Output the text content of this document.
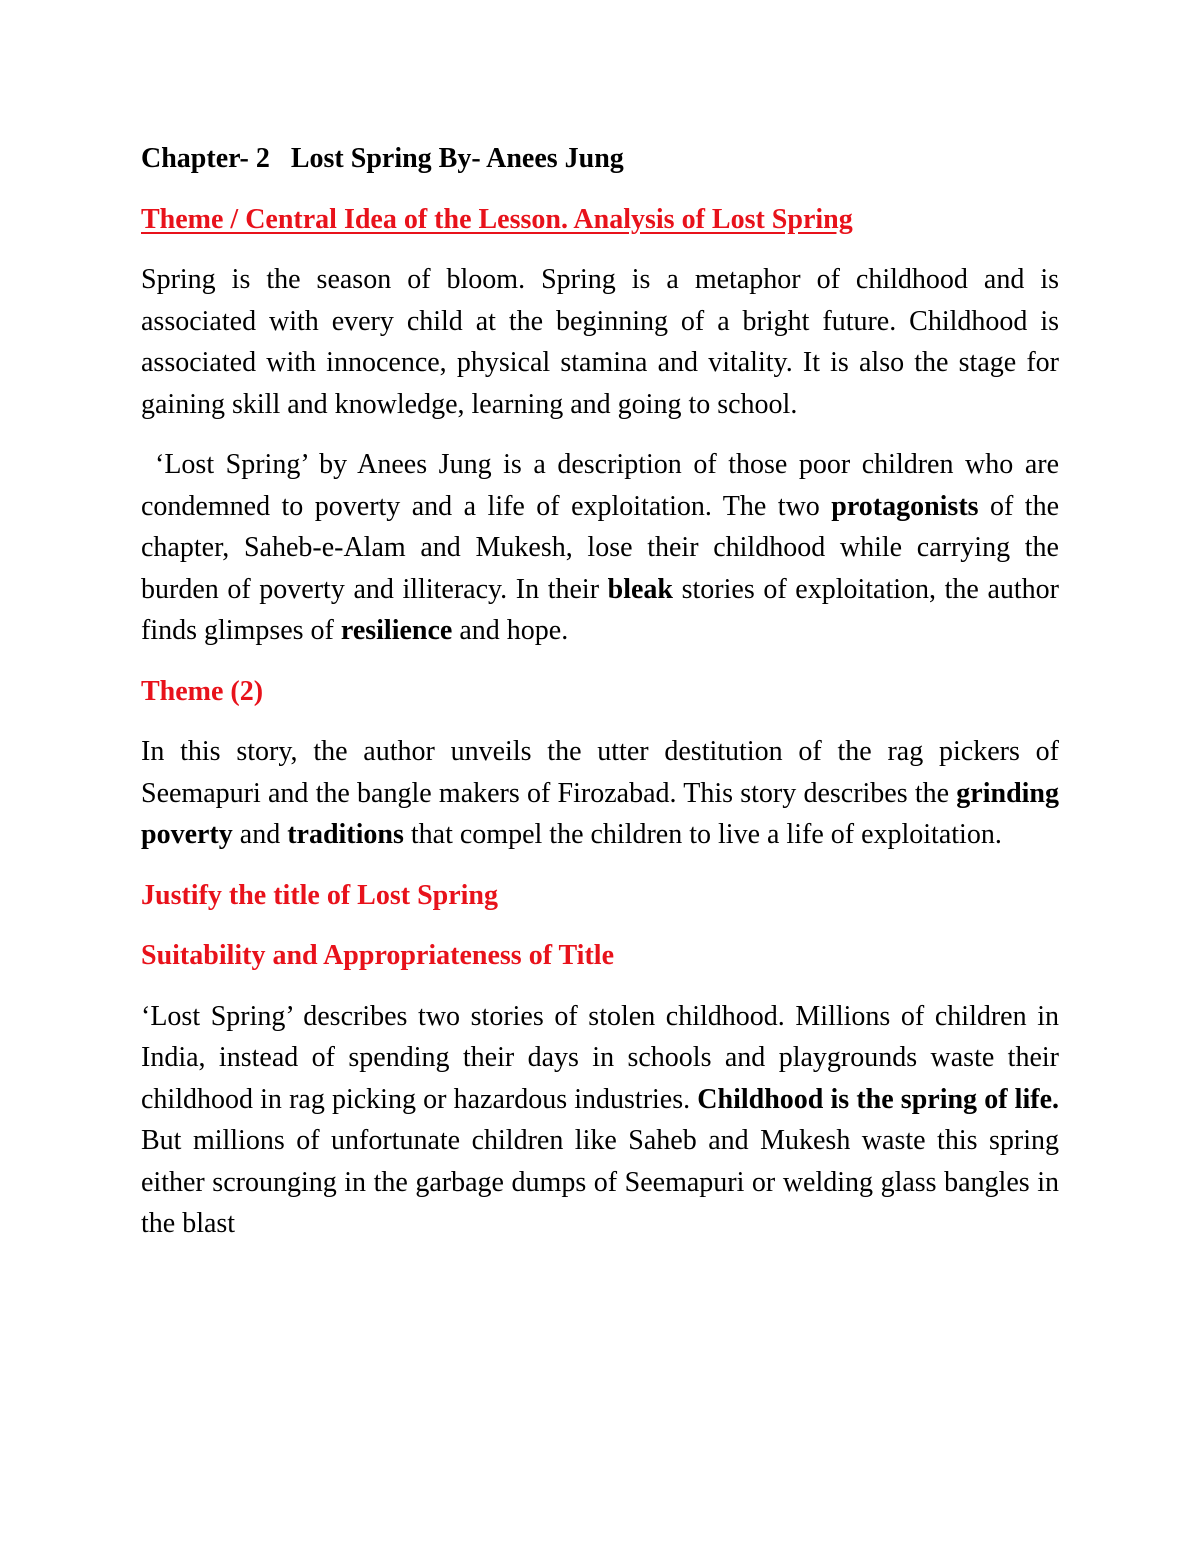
Chapter- 2 Lost Spring By- Anees Jung

Theme / Central Idea of the Lesson. Analysis of Lost Spring

Spring is the season of bloom. Spring is a metaphor of childhood and is associated with every child at the beginning of a bright future. Childhood is associated with innocence, physical stamina and vitality. It is also the stage for gaining skill and knowledge, learning and going to school.

‘Lost Spring’ by Anees Jung is a description of those poor children who are condemned to poverty and a life of exploitation. The two protagonists of the chapter, Saheb-e-Alam and Mukesh, lose their childhood while carrying the burden of poverty and illiteracy. In their bleak stories of exploitation, the author finds glimpses of resilience and hope.

Theme (2)

In this story, the author unveils the utter destitution of the rag pickers of Seemapuri and the bangle makers of Firozabad. This story describes the grinding poverty and traditions that compel the children to live a life of exploitation.

Justify the title of Lost Spring

Suitability and Appropriateness of Title

‘Lost Spring’ describes two stories of stolen childhood. Millions of children in India, instead of spending their days in schools and playgrounds waste their childhood in rag picking or hazardous industries. Childhood is the spring of life. But millions of unfortunate children like Saheb and Mukesh waste this spring either scrounging in the garbage dumps of Seemapuri or welding glass bangles in the blast
